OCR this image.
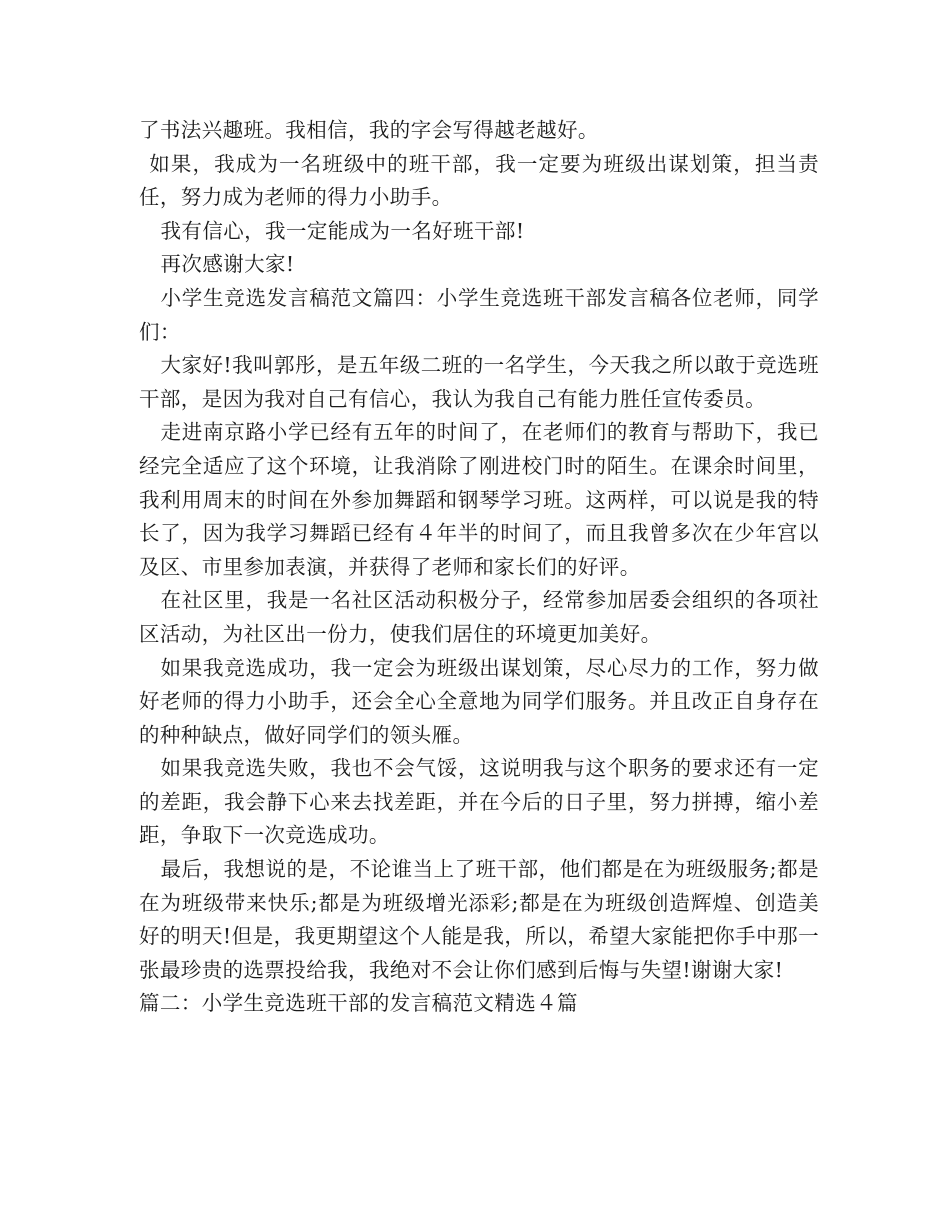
了书法兴趣班。我相信，我的字会写得越老越好。

如果，我成为一名班级中的班干部，我一定要为班级出谋划策，担当责任，努力成为老师的得力小助手。

我有信心，我一定能成为一名好班干部!

再次感谢大家!

小学生竞选发言稿范文篇四：小学生竞选班干部发言稿各位老师，同学们：

大家好!我叫郭彤，是五年级二班的一名学生，今天我之所以敢于竞选班干部，是因为我对自己有信心，我认为我自己有能力胜任宣传委员。

走进南京路小学已经有五年的时间了，在老师们的教育与帮助下，我已经完全适应了这个环境，让我消除了刚进校门时的陌生。在课余时间里，我利用周末的时间在外参加舞蹈和钢琴学习班。这两样，可以说是我的特长了，因为我学习舞蹈已经有４年半的时间了，而且我曾多次在少年宫以及区、市里参加表演，并获得了老师和家长们的好评。

在社区里，我是一名社区活动积极分子，经常参加居委会组织的各项社区活动，为社区出一份力，使我们居住的环境更加美好。

如果我竞选成功，我一定会为班级出谋划策，尽心尽力的工作，努力做好老师的得力小助手，还会全心全意地为同学们服务。并且改正自身存在的种种缺点，做好同学们的领头雁。

如果我竞选失败，我也不会气馁，这说明我与这个职务的要求还有一定的差距，我会静下心来去找差距，并在今后的日子里，努力拼搏，缩小差距，争取下一次竞选成功。

最后，我想说的是，不论谁当上了班干部，他们都是在为班级服务;都是在为班级带来快乐;都是为班级增光添彩;都是在为班级创造辉煌、创造美好的明天!但是，我更期望这个人能是我，所以，希望大家能把你手中那一张最珍贵的选票投给我，我绝对不会让你们感到后悔与失望!谢谢大家!

篇二：小学生竞选班干部的发言稿范文精选４篇
